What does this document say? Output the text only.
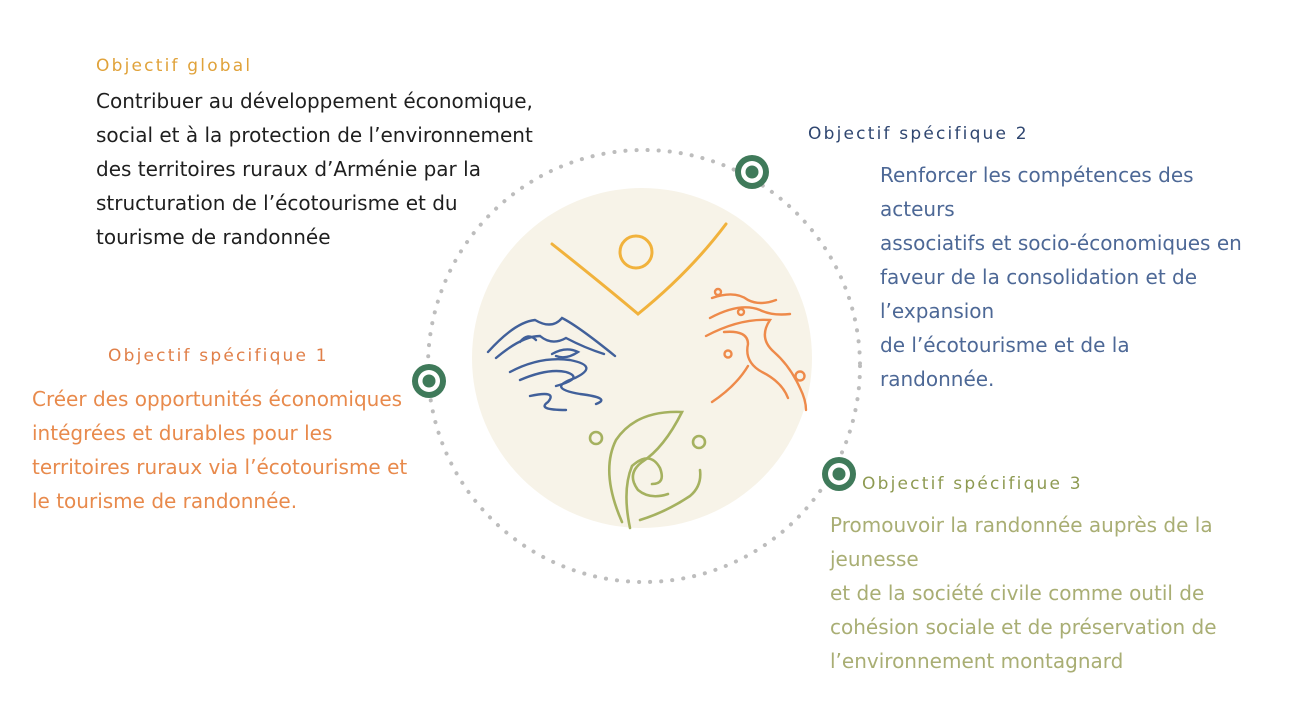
Objectif global
Contribuer au développement économique,
social et à la protection de l’environnement
des territoires ruraux d’Arménie par la
structuration de l’écotourisme et du
tourisme de randonnée
Objectif spécifique 1
Créer des opportunités économiques
intégrées et durables pour les
territoires ruraux via l’écotourisme et
le tourisme de randonnée.
Objectif spécifique 2
Renforcer les compétences des
acteurs
associatifs et socio-économiques en
faveur de la consolidation et de
l’expansion
de l’écotourisme et de la
randonnée.
Objectif spécifique 3
Promouvoir la randonnée auprès de la
jeunesse
et de la société civile comme outil de
cohésion sociale et de préservation de
l’environnement montagnard
